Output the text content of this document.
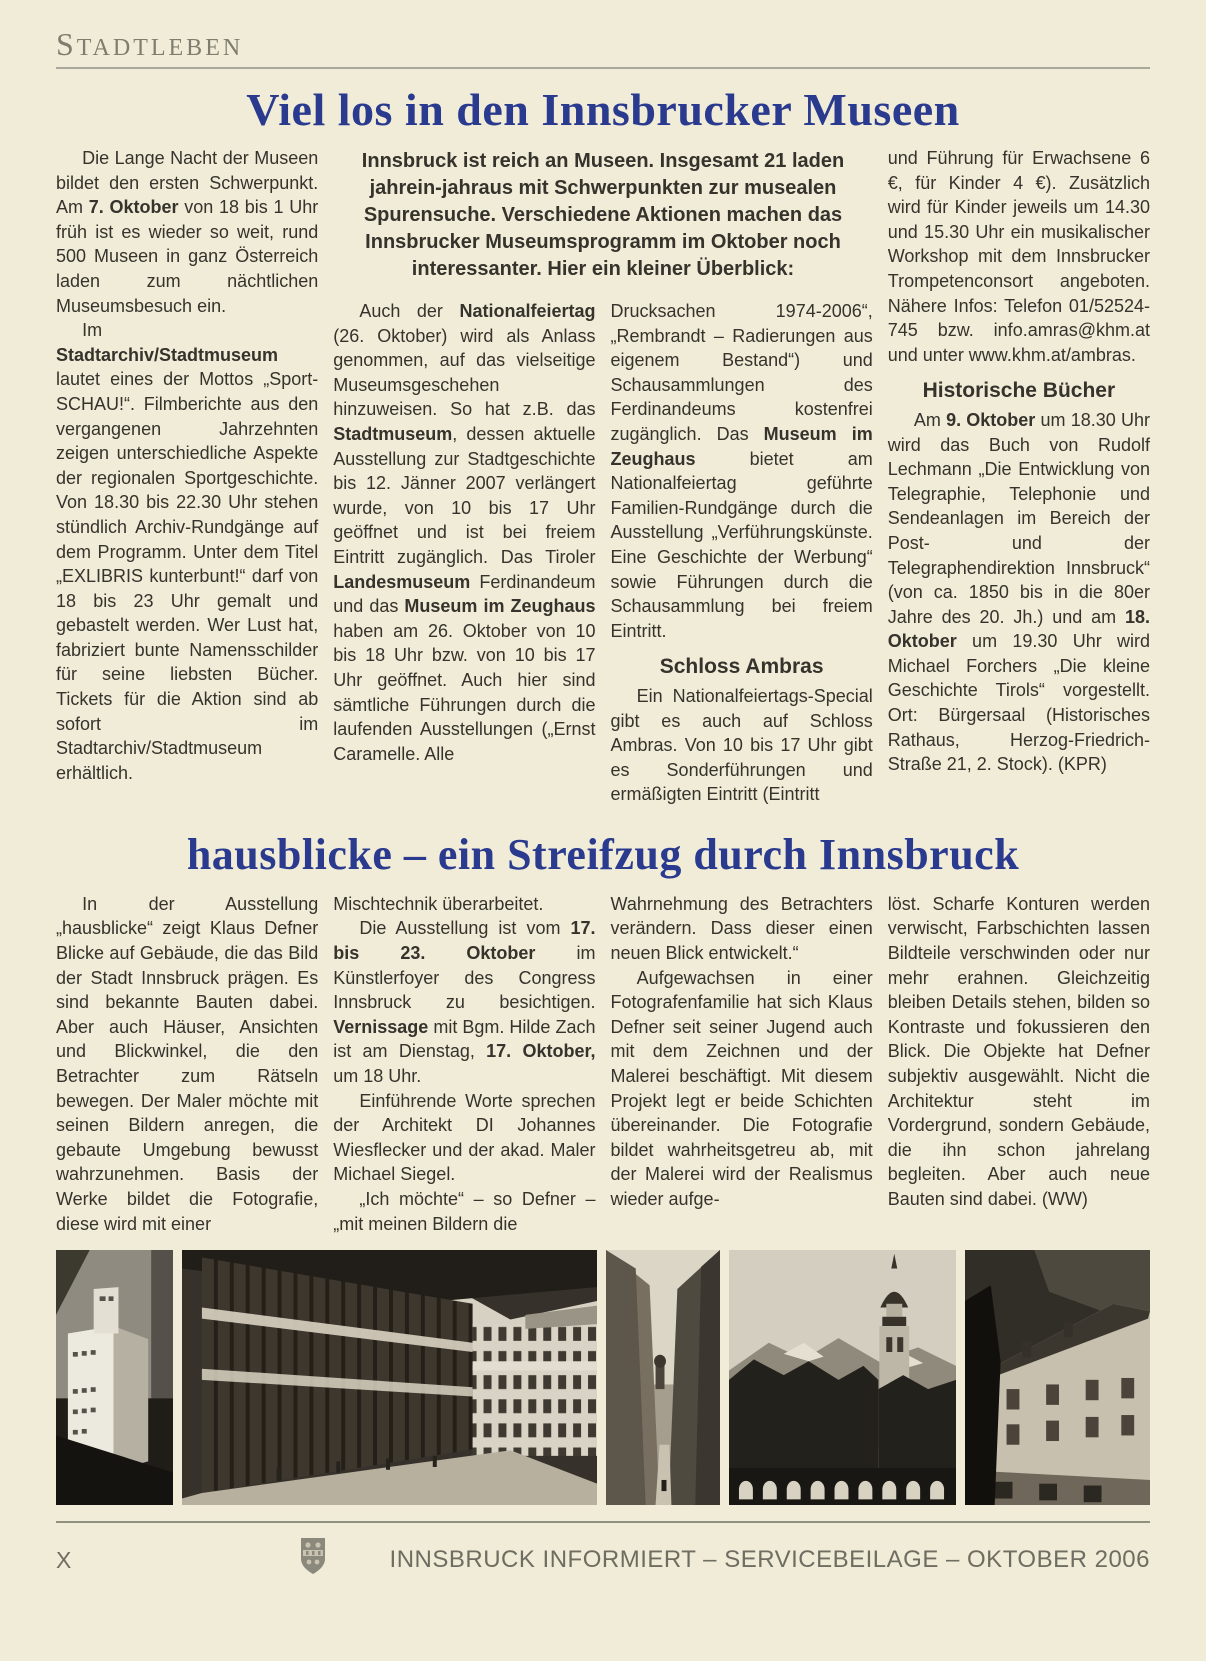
STADTLEBEN
Viel los in den Innsbrucker Museen

Die Lange Nacht der Museen bildet den ersten Schwerpunkt. Am 7. Oktober von 18 bis 1 Uhr früh ist es wieder so weit, rund 500 Museen in ganz Österreich laden zum nächtlichen Museumsbesuch ein.

Im Stadtarchiv/Stadtmuseum lautet eines der Mottos „Sport-SCHAU!“. Filmberichte aus den vergangenen Jahrzehnten zeigen unterschiedliche Aspekte der regionalen Sportgeschichte. Von 18.30 bis 22.30 Uhr stehen stündlich Archiv-Rundgänge auf dem Programm. Unter dem Titel „EXLIBRIS kunterbunt!“ darf von 18 bis 23 Uhr gemalt und gebastelt werden. Wer Lust hat, fabriziert bunte Namensschilder für seine liebsten Bücher. Tickets für die Aktion sind ab sofort im Stadtarchiv/Stadtmuseum erhältlich.

Innsbruck ist reich an Museen. Insgesamt 21 laden jahrein-jahraus mit Schwerpunkten zur musealen Spurensuche. Verschiedene Aktionen machen das Innsbrucker Museumsprogramm im Oktober noch interessanter. Hier ein kleiner Überblick:

Auch der Nationalfeiertag (26. Oktober) wird als Anlass genommen, auf das vielseitige Museumsgeschehen hinzuweisen. So hat z.B. das Stadtmuseum, dessen aktuelle Ausstellung zur Stadtgeschichte bis 12. Jänner 2007 verlängert wurde, von 10 bis 17 Uhr geöffnet und ist bei freiem Eintritt zugänglich. Das Tiroler Landesmuseum Ferdinandeum und das Museum im Zeughaus haben am 26. Oktober von 10 bis 18 Uhr bzw. von 10 bis 17 Uhr geöffnet. Auch hier sind sämtliche Führungen durch die laufenden Ausstellungen („Ernst Caramelle. Alle

Drucksachen 1974-2006“, „Rembrandt – Radierungen aus eigenem Bestand“) und Schausammlungen des Ferdinandeums kostenfrei zugänglich. Das Museum im Zeughaus bietet am Nationalfeiertag geführte Familien-Rundgänge durch die Ausstellung „Verführungskünste. Eine Geschichte der Werbung“ sowie Führungen durch die Schausammlung bei freiem Eintritt.

Schloss Ambras

Ein Nationalfeiertags-Special gibt es auch auf Schloss Ambras. Von 10 bis 17 Uhr gibt es Sonderführungen und ermäßigten Eintritt (Eintritt

und Führung für Erwachsene 6 €, für Kinder 4 €). Zusätzlich wird für Kinder jeweils um 14.30 und 15.30 Uhr ein musikalischer Workshop mit dem Innsbrucker Trompetenconsort angeboten. Nähere Infos: Telefon 01/52524-745 bzw. info.amras@khm.at und unter www.khm.at/ambras.

Historische Bücher

Am 9. Oktober um 18.30 Uhr wird das Buch von Rudolf Lechmann „Die Entwicklung von Telegraphie, Telephonie und Sendeanlagen im Bereich der Post- und der Telegraphendirektion Innsbruck“ (von ca. 1850 bis in die 80er Jahre des 20. Jh.) und am 18. Oktober um 19.30 Uhr wird Michael Forchers „Die kleine Geschichte Tirols“ vorgestellt. Ort: Bürgersaal (Historisches Rathaus, Herzog-Friedrich-Straße 21, 2. Stock). (KPR)

hausblicke – ein Streifzug durch Innsbruck

In der Ausstellung „hausblicke“ zeigt Klaus Defner Blicke auf Gebäude, die das Bild der Stadt Innsbruck prägen. Es sind bekannte Bauten dabei. Aber auch Häuser, Ansichten und Blickwinkel, die den Betrachter zum Rätseln bewegen. Der Maler möchte mit seinen Bildern anregen, die gebaute Umgebung bewusst wahrzunehmen. Basis der Werke bildet die Fotografie, diese wird mit einer

Mischtechnik überarbeitet.

Die Ausstellung ist vom 17. bis 23. Oktober im Künstlerfoyer des Congress Innsbruck zu besichtigen. Vernissage mit Bgm. Hilde Zach ist am Dienstag, 17. Oktober, um 18 Uhr.

Einführende Worte sprechen der Architekt DI Johannes Wiesflecker und der akad. Maler Michael Siegel.

„Ich möchte“ – so Defner – „mit meinen Bildern die

Wahrnehmung des Betrachters verändern. Dass dieser einen neuen Blick entwickelt.“

Aufgewachsen in einer Fotografenfamilie hat sich Klaus Defner seit seiner Jugend auch mit dem Zeichnen und der Malerei beschäftigt. Mit diesem Projekt legt er beide Schichten übereinander. Die Fotografie bildet wahrheitsgetreu ab, mit der Malerei wird der Realismus wieder aufge-

löst. Scharfe Konturen werden verwischt, Farbschichten lassen Bildteile verschwinden oder nur mehr erahnen. Gleichzeitig bleiben Details stehen, bilden so Kontraste und fokussieren den Blick. Die Objekte hat Defner subjektiv ausgewählt. Nicht die Architektur steht im Vordergrund, sondern Gebäude, die ihn schon jahrelang begleiten. Aber auch neue Bauten sind dabei. (WW)

X	INNSBRUCK INFORMIERT – SERVICEBEILAGE – OKTOBER 2006
